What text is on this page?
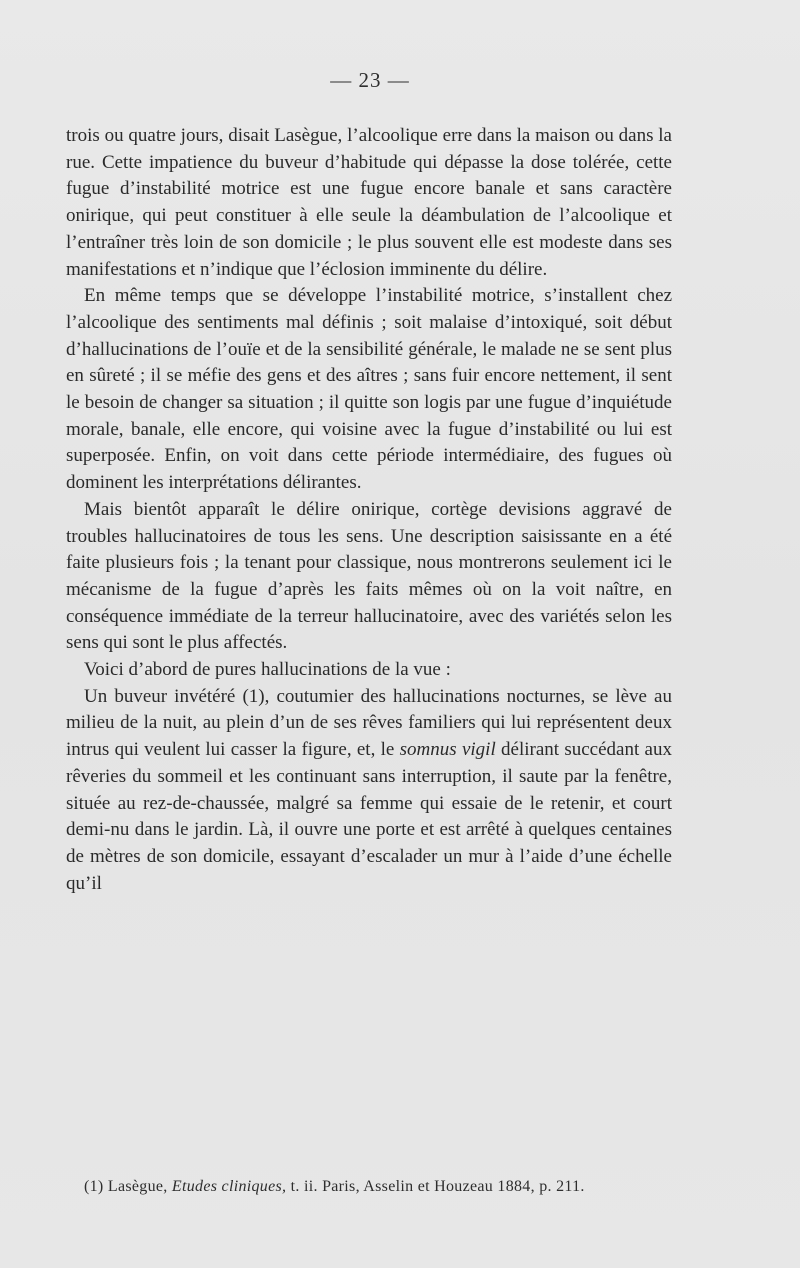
— 23 —

trois ou quatre jours, disait Lasègue, l’alcoolique erre dans la maison ou dans la rue. Cette impatience du buveur d’habitude qui dépasse la dose tolérée, cette fugue d’instabilité motrice est une fugue encore banale et sans caractère onirique, qui peut constituer à elle seule la déambulation de l’alcoolique et l’entraîner très loin de son domicile ; le plus souvent elle est modeste dans ses manifestations et n’indique que l’éclosion imminente du délire.

En même temps que se développe l’instabilité motrice, s’installent chez l’alcoolique des sentiments mal définis ; soit malaise d’intoxiqué, soit début d’hallucinations de l’ouïe et de la sensibilité générale, le malade ne se sent plus en sûreté ; il se méfie des gens et des aîtres ; sans fuir encore nettement, il sent le besoin de changer sa situation ; il quitte son logis par une fugue d’inquiétude morale, banale, elle encore, qui voisine avec la fugue d’instabilité ou lui est superposée. Enfin, on voit dans cette période intermédiaire, des fugues où dominent les interprétations délirantes.

Mais bientôt apparaît le délire onirique, cortège devisions aggravé de troubles hallucinatoires de tous les sens. Une description saisissante en a été faite plusieurs fois ; la tenant pour classique, nous montrerons seulement ici le mécanisme de la fugue d’après les faits mêmes où on la voit naître, en conséquence immédiate de la terreur hallucinatoire, avec des variétés selon les sens qui sont le plus affectés.

Voici d’abord de pures hallucinations de la vue :

Un buveur invétéré (1), coutumier des hallucinations nocturnes, se lève au milieu de la nuit, au plein d’un de ses rêves familiers qui lui représentent deux intrus qui veulent lui casser la figure, et, le somnus vigil délirant succédant aux rêveries du sommeil et les continuant sans interruption, il saute par la fenêtre, située au rez-de-chaussée, malgré sa femme qui essaie de le retenir, et court demi-nu dans le jardin. Là, il ouvre une porte et est arrêté à quelques centaines de mètres de son domicile, essayant d’escalader un mur à l’aide d’une échelle qu’il

(1) Lasègue, Etudes cliniques, t. ii. Paris, Asselin et Houzeau 1884, p. 211.
